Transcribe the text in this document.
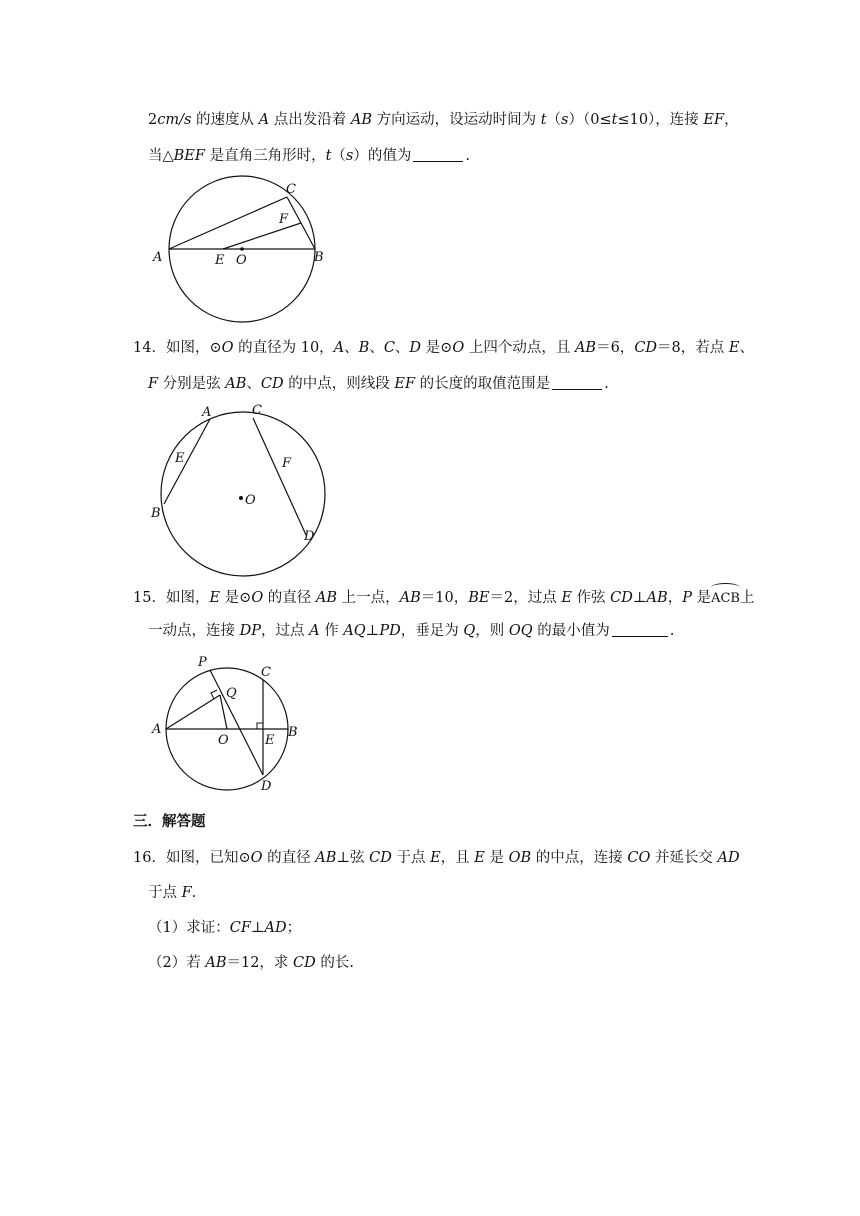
2cm/s 的速度从 A 点出发沿着 AB 方向运动，设运动时间为 t（s）（0≤t≤10），连接 EF，
当△BEF 是直角三角形时，t（s）的值为	.
A	B
C
F
E O
14．如图，⊙O 的直径为 10，A、B、C、D 是⊙O 上四个动点，且 AB＝6，CD＝8，若点 E、
F 分别是弦 AB、CD 的中点，则线段 EF 的长度的取值范围是	.
A	C
E	F
O
B
D
15．如图，E 是⊙O 的直径 AB 上一点，AB＝10，BE＝2，过点 E 作弦 CD⊥AB，P 是
ACB上
一动点，连接 DP，过点 A 作 AQ⊥PD，垂足为 Q，则 OQ 的最小值为	.
P
C
Q
A	B
O	E
D
三．解答题
16．如图，已知⊙O 的直径 AB⊥弦 CD 于点 E，且 E 是 OB 的中点，连接 CO 并延长交 AD
于点 F.
（1）求证：CF⊥AD；
（2）若 AB＝12，求 CD 的长.
